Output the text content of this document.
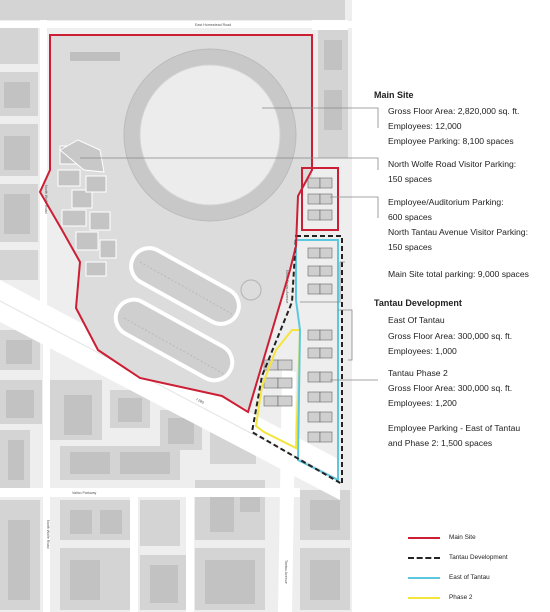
East Homestead Road
North Wolfe Road
North Tantau Avenue
I-280
Vallco Parkway
Tantau Avenue
North Wolfe Road
Main Site
Gross Floor Area: 2,820,000 sq. ft.
Employees: 12,000
Employee Parking: 8,100 spaces
North Wolfe Road Visitor Parking:
150 spaces
Employee/Auditorium Parking:
600 spaces
North Tantau Avenue Visitor Parking:
150 spaces
Main Site total parking: 9,000 spaces
Tantau Development
East Of Tantau
Gross Floor Area: 300,000 sq. ft.
Employees: 1,000
Tantau Phase 2
Gross Floor Area: 300,000 sq. ft.
Employees: 1,200
Employee Parking - East of Tantau
and Phase 2: 1,500 spaces
Main Site
Tantau Development
East of Tantau
Phase 2
